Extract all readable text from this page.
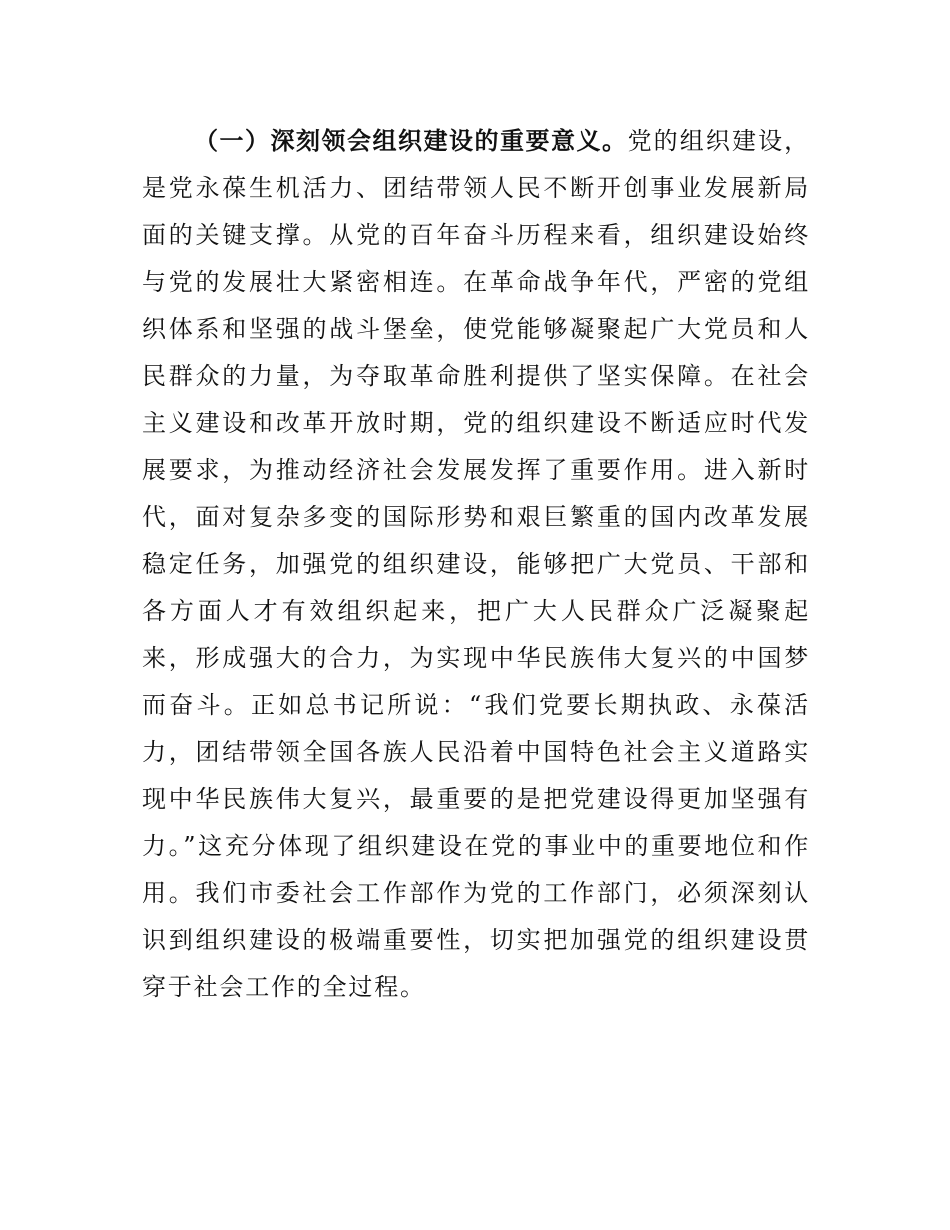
（一）深刻领会组织建设的重要意义。党的组织建设，是党永葆生机活力、团结带领人民不断开创事业发展新局面的关键支撑。从党的百年奋斗历程来看，组织建设始终与党的发展壮大紧密相连。在革命战争年代，严密的党组织体系和坚强的战斗堡垒，使党能够凝聚起广大党员和人民群众的力量，为夺取革命胜利提供了坚实保障。在社会主义建设和改革开放时期，党的组织建设不断适应时代发展要求，为推动经济社会发展发挥了重要作用。进入新时代，面对复杂多变的国际形势和艰巨繁重的国内改革发展稳定任务，加强党的组织建设，能够把广大党员、干部和各方面人才有效组织起来，把广大人民群众广泛凝聚起来，形成强大的合力，为实现中华民族伟大复兴的中国梦而奋斗。正如总书记所说：“我们党要长期执政、永葆活力，团结带领全国各族人民沿着中国特色社会主义道路实现中华民族伟大复兴，最重要的是把党建设得更加坚强有力。”这充分体现了组织建设在党的事业中的重要地位和作用。我们市委社会工作部作为党的工作部门，必须深刻认识到组织建设的极端重要性，切实把加强党的组织建设贯穿于社会工作的全过程。
